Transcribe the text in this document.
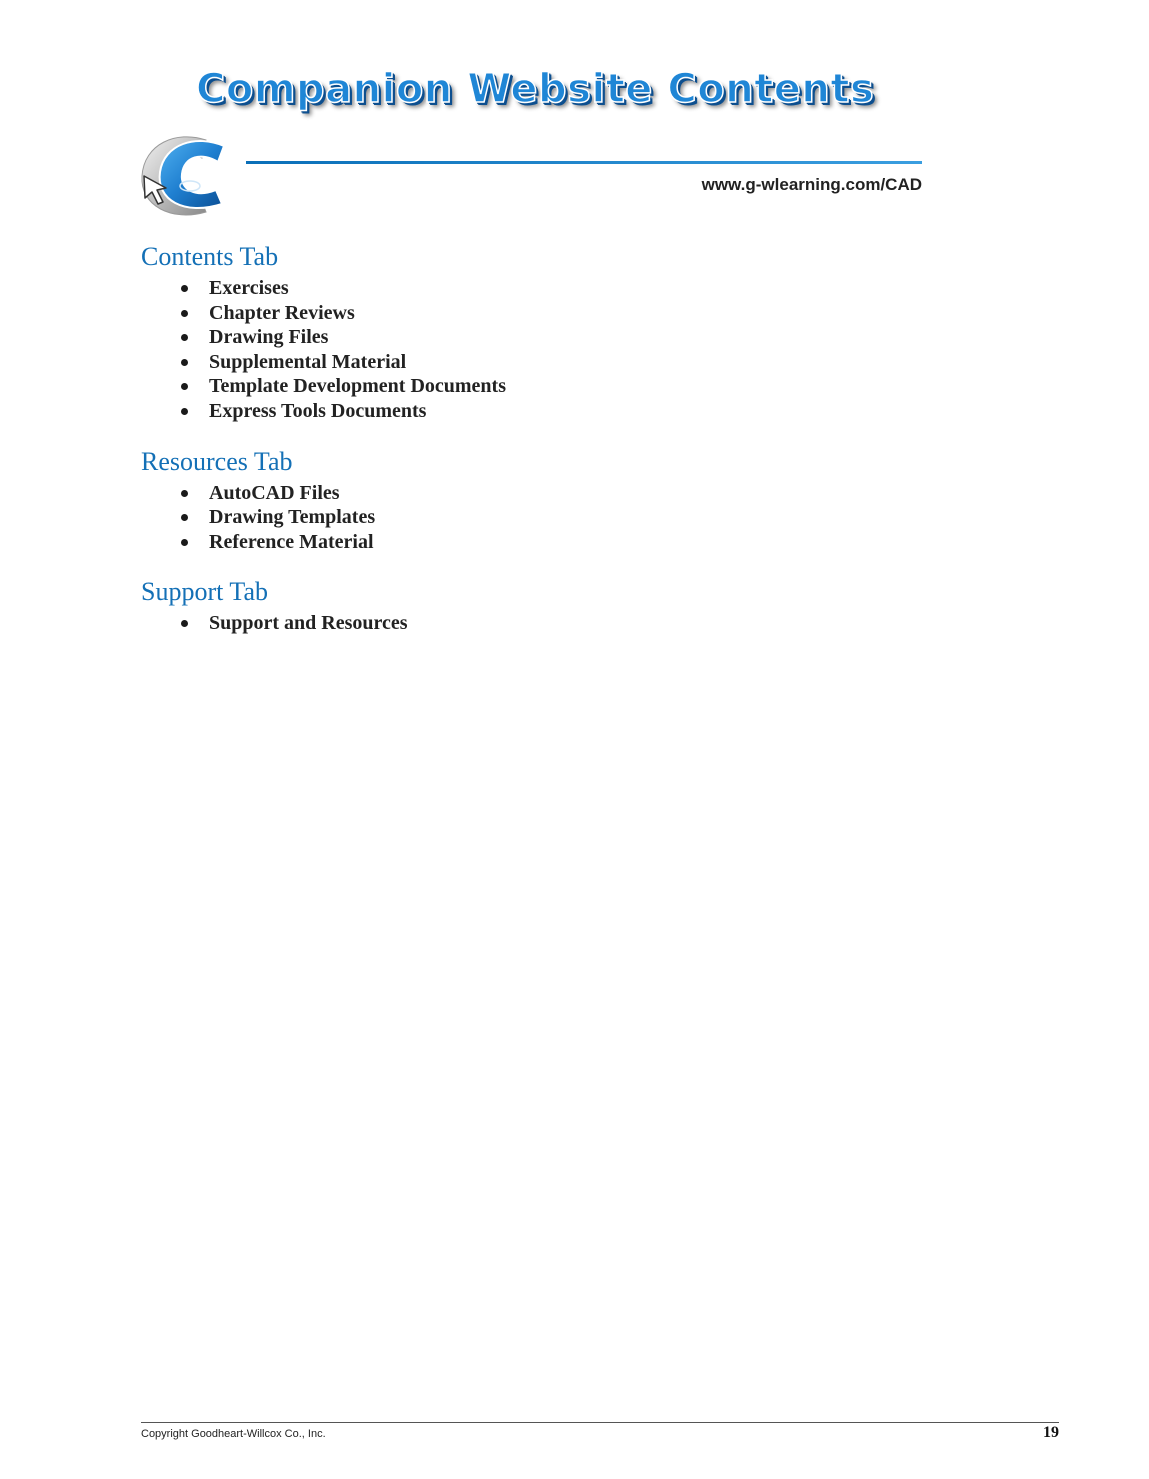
Companion Website Contents
www.g-wlearning.com/CAD
Contents Tab
Exercises
Chapter Reviews
Drawing Files
Supplemental Material
Template Development Documents
Express Tools Documents
Resources Tab
AutoCAD Files
Drawing Templates
Reference Material
Support Tab
Support and Resources
Copyright Goodheart-Willcox Co., Inc.	19
